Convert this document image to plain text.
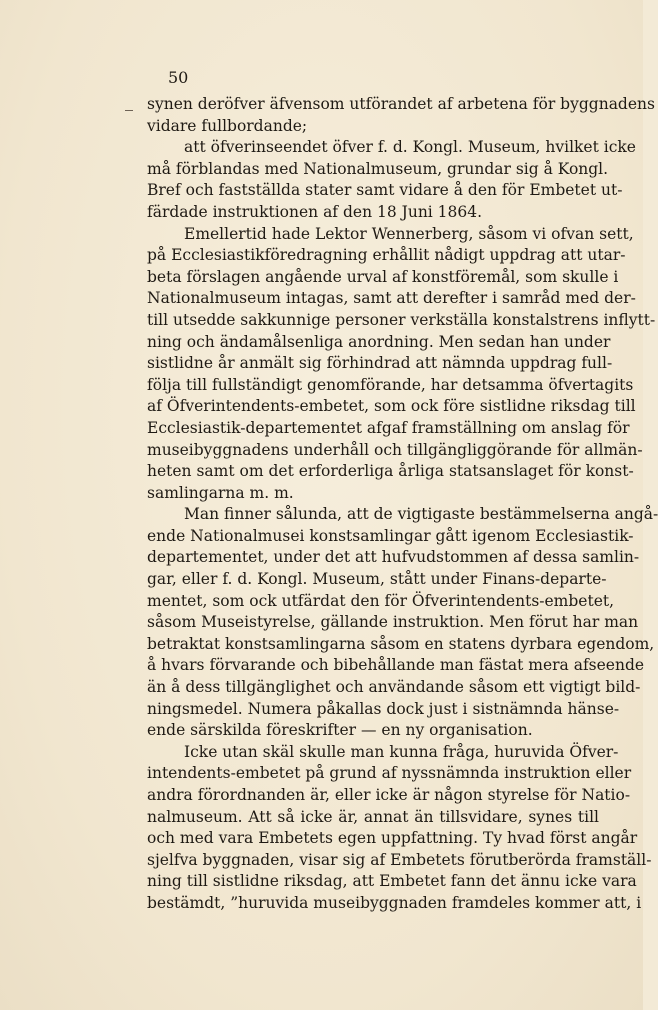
50
synen deröfver äfvensom utförandet af arbetena för byggnadens
vidare fullbordande;
att öfverinseendet öfver f. d. Kongl. Museum, hvilket icke
må förblandas med Nationalmuseum, grundar sig å Kongl.
Bref och fastställda stater samt vidare å den för Embetet ut-
färdade instruktionen af den 18 Juni 1864.
Emellertid hade Lektor Wennerberg, såsom vi ofvan sett,
på Ecclesiastikföredragning erhållit nådigt uppdrag att utar-
beta förslagen angående urval af konstföremål, som skulle i
Nationalmuseum intagas, samt att derefter i samråd med der-
till utsedde sakkunnige personer verkställa konstalstrens inflytt-
ning och ändamålsenliga anordning. Men sedan han under
sistlidne år anmält sig förhindrad att nämnda uppdrag full-
följa till fullständigt genomförande, har detsamma öfvertagits
af Öfverintendents-embetet, som ock före sistlidne riksdag till
Ecclesiastik-departementet afgaf framställning om anslag för
museibyggnadens underhåll och tillgängliggörande för allmän-
heten samt om det erforderliga årliga statsanslaget för konst-
samlingarna m. m.
Man finner sålunda, att de vigtigaste bestämmelserna angå-
ende Nationalmusei konstsamlingar gått igenom Ecclesiastik-
departementet, under det att hufvudstommen af dessa samlin-
gar, eller f. d. Kongl. Museum, stått under Finans-departe-
mentet, som ock utfärdat den för Öfverintendents-embetet,
såsom Museistyrelse, gällande instruktion. Men förut har man
betraktat konstsamlingarna såsom en statens dyrbara egendom,
å hvars förvarande och bibehållande man fästat mera afseende
än å dess tillgänglighet och användande såsom ett vigtigt bild-
ningsmedel. Numera påkallas dock just i sistnämnda hänse-
ende särskilda föreskrifter — en ny organisation.
Icke utan skäl skulle man kunna fråga, huruvida Öfver-
intendents-embetet på grund af nyssnämnda instruktion eller
andra förordnanden är, eller icke är någon styrelse för Natio-
nalmuseum. Att så icke är, annat än tillsvidare, synes till
och med vara Embetets egen uppfattning. Ty hvad först angår
sjelfva byggnaden, visar sig af Embetets förutberörda framställ-
ning till sistlidne riksdag, att Embetet fann det ännu icke vara
bestämdt, ”huruvida museibyggnaden framdeles kommer att, i
